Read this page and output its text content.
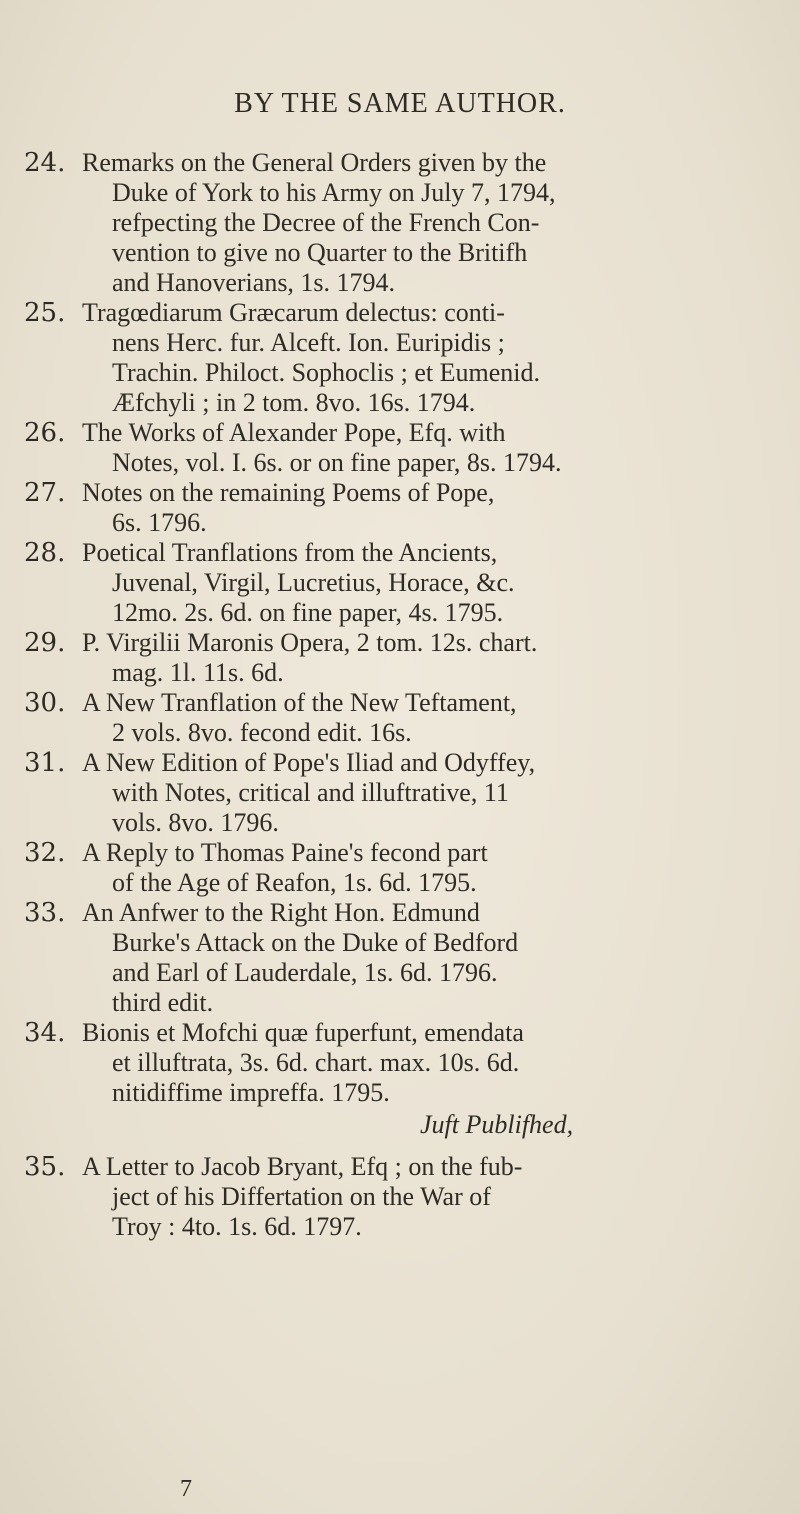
BY THE SAME AUTHOR.
24. Remarks on the General Orders given by the
Duke of York to his Army on July 7, 1794,
refpecting the Decree of the French Con-
vention to give no Quarter to the Britifh
and Hanoverians, 1s. 1794.
25. Tragœdiarum Græcarum delectus: conti-
nens Herc. fur. Alceft. Ion. Euripidis ;
Trachin. Philoct. Sophoclis ; et Eumenid.
Æfchyli ; in 2 tom. 8vo. 16s. 1794.
26. The Works of Alexander Pope, Efq. with
Notes, vol. I. 6s. or on fine paper, 8s. 1794.
27. Notes on the remaining Poems of Pope,
6s. 1796.
28. Poetical Tranflations from the Ancients,
Juvenal, Virgil, Lucretius, Horace, &c.
12mo. 2s. 6d. on fine paper, 4s. 1795.
29. P. Virgilii Maronis Opera, 2 tom. 12s. chart.
mag. 1l. 11s. 6d.
30. A New Tranflation of the New Teftament,
2 vols. 8vo. fecond edit. 16s.
31. A New Edition of Pope's Iliad and Odyffey,
with Notes, critical and illuftrative, 11
vols. 8vo. 1796.
32. A Reply to Thomas Paine's fecond part
of the Age of Reafon, 1s. 6d. 1795.
33. An Anfwer to the Right Hon. Edmund
Burke's Attack on the Duke of Bedford
and Earl of Lauderdale, 1s. 6d. 1796.
third edit.
34. Bionis et Mofchi quæ fuperfunt, emendata
et illuftrata, 3s. 6d. chart. max. 10s. 6d.
nitidiffime impreffa. 1795.
35. A Letter to Jacob Bryant, Efq ; on the fub-
ject of his Differtation on the War of
Troy : 4to. 1s. 6d. 1797.
Juft Publifhed,
7
